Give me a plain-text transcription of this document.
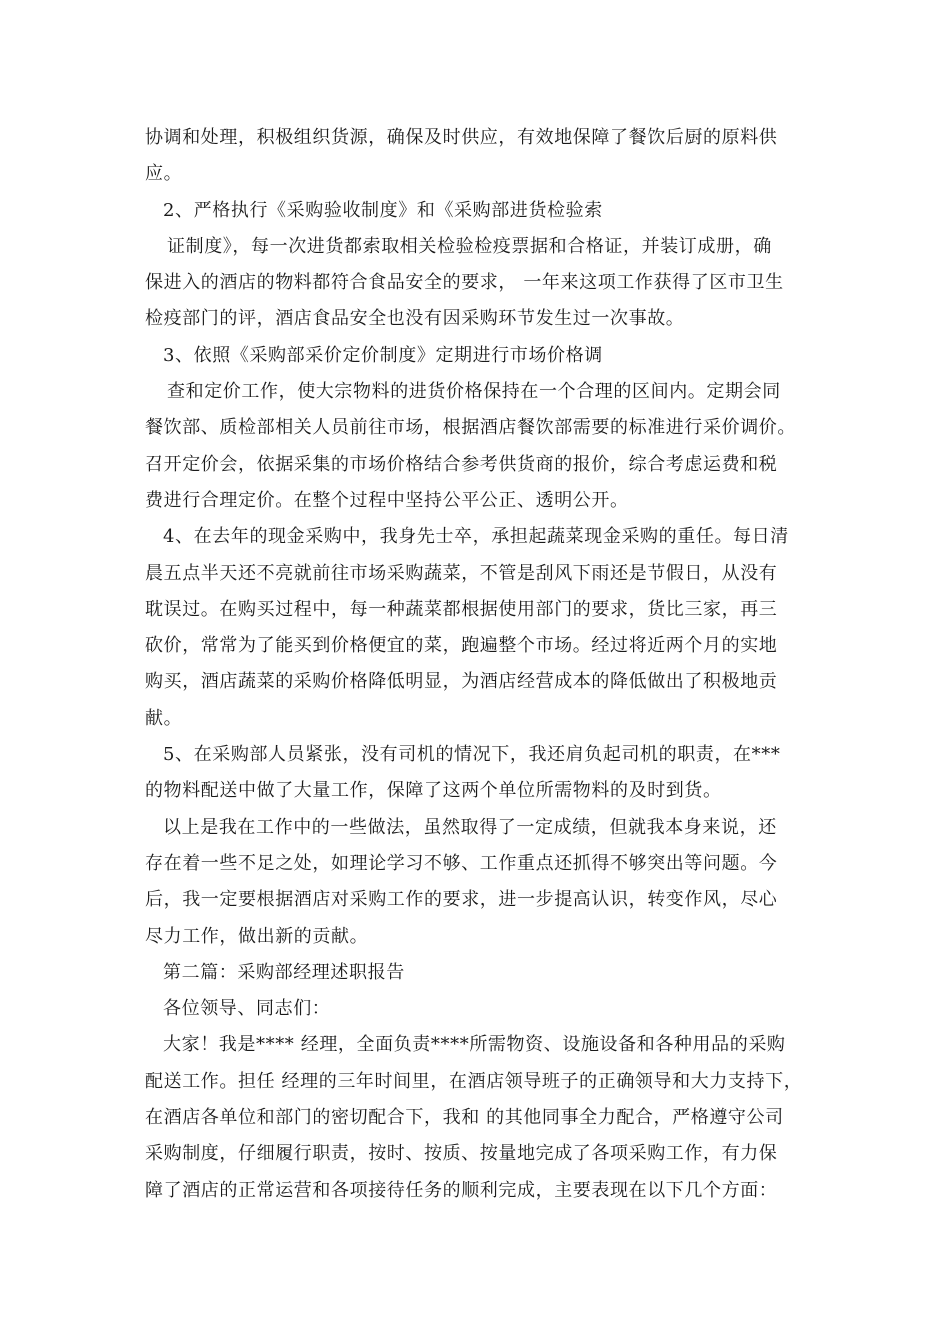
协调和处理，积极组织货源，确保及时供应，有效地保障了餐饮后厨的原料供
应。
2、严格执行《采购验收制度》和《采购部进货检验索
证制度》，每一次进货都索取相关检验检疫票据和合格证，并装订成册，确
保进入的酒店的物料都符合食品安全的要求， 一年来这项工作获得了区市卫生
检疫部门的评，酒店食品安全也没有因采购环节发生过一次事故。
3、依照《采购部采价定价制度》定期进行市场价格调
查和定价工作，使大宗物料的进货价格保持在一个合理的区间内。定期会同
餐饮部、质检部相关人员前往市场，根据酒店餐饮部需要的标准进行采价调价。
召开定价会，依据采集的市场价格结合参考供货商的报价，综合考虑运费和税
费进行合理定价。在整个过程中坚持公平公正、透明公开。
4、在去年的现金采购中，我身先士卒，承担起蔬菜现金采购的重任。每日清
晨五点半天还不亮就前往市场采购蔬菜，不管是刮风下雨还是节假日，从没有
耽误过。在购买过程中，每一种蔬菜都根据使用部门的要求，货比三家，再三
砍价，常常为了能买到价格便宜的菜，跑遍整个市场。经过将近两个月的实地
购买，酒店蔬菜的采购价格降低明显，为酒店经营成本的降低做出了积极地贡
献。
5、在采购部人员紧张，没有司机的情况下，我还肩负起司机的职责，在***
的物料配送中做了大量工作，保障了这两个单位所需物料的及时到货。
以上是我在工作中的一些做法，虽然取得了一定成绩，但就我本身来说，还
存在着一些不足之处，如理论学习不够、工作重点还抓得不够突出等问题。今
后，我一定要根据酒店对采购工作的要求，进一步提高认识，转变作风，尽心
尽力工作，做出新的贡献。
第二篇：采购部经理述职报告
各位领导、同志们：
大家！我是**** 经理，全面负责****所需物资、设施设备和各种用品的采购
配送工作。担任 经理的三年时间里，在酒店领导班子的正确领导和大力支持下，
在酒店各单位和部门的密切配合下，我和 的其他同事全力配合，严格遵守公司
采购制度，仔细履行职责，按时、按质、按量地完成了各项采购工作，有力保
障了酒店的正常运营和各项接待任务的顺利完成，主要表现在以下几个方面：
